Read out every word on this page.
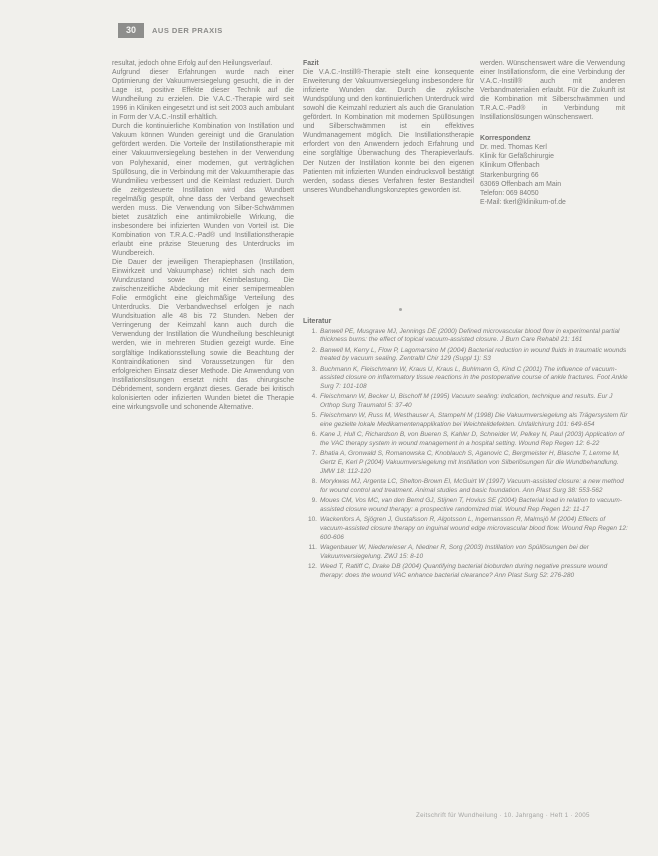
30	AUS DER PRAXIS

resultat, jedoch ohne Erfolg auf den Heilungsverlauf.

Aufgrund dieser Erfahrungen wurde nach einer Optimierung der Vakuumversiegelung gesucht, die in der Lage ist, positive Effekte dieser Technik auf die Wundheilung zu erzielen. Die V.A.C.-Therapie wird seit 1996 in Kliniken eingesetzt und ist seit 2003 auch ambulant in Form der V.A.C.-Instill erhältlich.

Durch die kontinuierliche Kombination von Instillation und Vakuum können Wunden gereinigt und die Granulation gefördert werden. Die Vorteile der Instillationstherapie mit einer Vakuumversiegelung bestehen in der Verwendung von Polyhexanid, einer modernen, gut verträglichen Spüllösung, die in Verbindung mit der Vakuumtherapie das Wundmilieu verbessert und die Keimlast reduziert. Durch die zeitgesteuerte Instillation wird das Wundbett regelmäßig gespült, ohne dass der Verband gewechselt werden muss. Die Verwendung von Silber-Schwämmen bietet zusätzlich eine antimikrobielle Wirkung, die insbesondere bei infizierten Wunden von Vorteil ist. Die Kombination von T.R.A.C.-Pad® und Instillationstherapie erlaubt eine präzise Steuerung des Unterdrucks im Wundbereich.

Die Dauer der jeweiligen Therapiephasen (Instillation, Einwirkzeit und Vakuumphase) richtet sich nach dem Wundzustand sowie der Keimbelastung. Die zwischenzeitliche Abdeckung mit einer semipermeablen Folie ermöglicht eine gleichmäßige Verteilung des Unterdrucks. Die Verbandwechsel erfolgen je nach Wundsituation alle 48 bis 72 Stunden. Neben der Verringerung der Keimzahl kann auch durch die Verwendung der Instillation die Wundheilung beschleunigt werden, wie in mehreren Studien gezeigt wurde. Eine sorgfältige Indikationsstellung sowie die Beachtung der Kontraindikationen sind Voraussetzungen für den erfolgreichen Einsatz dieser Methode. Die Anwendung von Instillationslösungen ersetzt nicht das chirurgische Débridement, sondern ergänzt dieses. Gerade bei kritisch kolonisierten oder infizierten Wunden bietet die Therapie eine wirkungsvolle und schonende Alternative.

Fazit

Die V.A.C.-Instill®-Therapie stellt eine konsequente Erweiterung der Vakuumversiegelung insbesondere für infizierte Wunden dar. Durch die zyklische Wundspülung und den kontinuierlichen Unterdruck wird sowohl die Keimzahl reduziert als auch die Granulation gefördert. In Kombination mit modernen Spüllösungen und Silberschwämmen ist ein effektives Wundmanagement möglich. Die Instillationstherapie erfordert von den Anwendern jedoch Erfahrung und eine sorgfältige Überwachung des Therapieverlaufs. Der Nutzen der Instillation konnte bei den eigenen Patienten mit infizierten Wunden eindrucksvoll bestätigt werden, sodass dieses Verfahren fester Bestandteil unseres Wundbehandlungskonzeptes geworden ist.

werden. Wünschenswert wäre die Verwendung einer Instillationsform, die eine Verbindung der V.A.C.-Instill® auch mit anderen Verbandmaterialien erlaubt. Für die Zukunft ist die Kombination mit Silberschwämmen und T.R.A.C.-Pad® in Verbindung mit Instillationslösungen wünschenswert.

Korrespondenz

Dr. med. Thomas Kerl
Klinik für Gefäßchirurgie
Klinikum Offenbach
Starkenburgring 66
63069 Offenbach am Main
Telefon: 069 84050
E-Mail: tkerl@klinikum-of.de
Literatur
1. Banwell PE, Musgrave MJ, Jennings DE (2000) Defined microvascular blood flow in experimental partial thickness burns: the effect of topical vacuum-assisted closure. J Burn Care Rehabil 21: 161
2. Banwell M, Kerry L, Flow P, Lagomarsino M (2004) Bacterial reduction in wound fluids in traumatic wounds treated by vacuum sealing. Zentralbl Chir 129 (Suppl 1): S3
3. Buchmann K, Fleischmann W, Kraus U, Kraus L, Buhlmann G, Kind C (2001) The influence of vacuum-assisted closure on inflammatory tissue reactions in the postoperative course of ankle fractures. Foot Ankle Surg 7: 101-108
4. Fleischmann W, Becker U, Bischoff M (1995) Vacuum sealing: indication, technique and results. Eur J Orthop Surg Traumatol 5: 37-40
5. Fleischmann W, Russ M, Westhauser A, Stampehl M (1998) Die Vakuumversiegelung als Trägersystem für eine gezielte lokale Medikamentenapplikation bei Weichteildefekten. Unfallchirurg 101: 649-654
6. Kane J, Hull C, Richardson B, von Bueren S, Kahler D, Schneider W, Pelkey N, Paul (2003) Application of the VAC therapy system in wound management in a hospital setting. Wound Rep Regen 12: 6-22
7. Bhatia A, Gronwald S, Romanowska C, Knoblauch S, Aganovic C, Bergmeister H, Blasche T, Lemme M, Gertz E, Kerl P (2004) Vakuumversiegelung mit Instillation von Silberlösungen für die Wundbehandlung. JMW 18: 112-120
8. Morykwas MJ, Argenta LC, Shelton-Brown EI, McGuirt W (1997) Vacuum-assisted closure: a new method for wound control and treatment. Animal studies and basic foundation. Ann Plast Surg 38: 553-562
9. Moues CM, Vos MC, van den Bemd GJ, Stijnen T, Hovius SE (2004) Bacterial load in relation to vacuum-assisted closure wound therapy: a prospective randomized trial. Wound Rep Regen 12: 11-17
10. Wackenfors A, Sjögren J, Gustafsson R, Algotsson L, Ingemansson R, Malmsjö M (2004) Effects of vacuum-assisted closure therapy on inguinal wound edge microvascular blood flow. Wound Rep Regen 12: 600-606
11. Wagenbauer W, Niederwieser A, Niedner R, Sorg (2003) Instillation von Spüllösungen bei der Vakuumversiegelung. ZWJ 15: 8-10
12. Weed T, Ratliff C, Drake DB (2004) Quantifying bacterial bioburden during negative pressure wound therapy: does the wound VAC enhance bacterial clearance? Ann Plast Surg 52: 276-280
Zeitschrift für Wundheilung · 10. Jahrgang · Heft 1 · 2005
